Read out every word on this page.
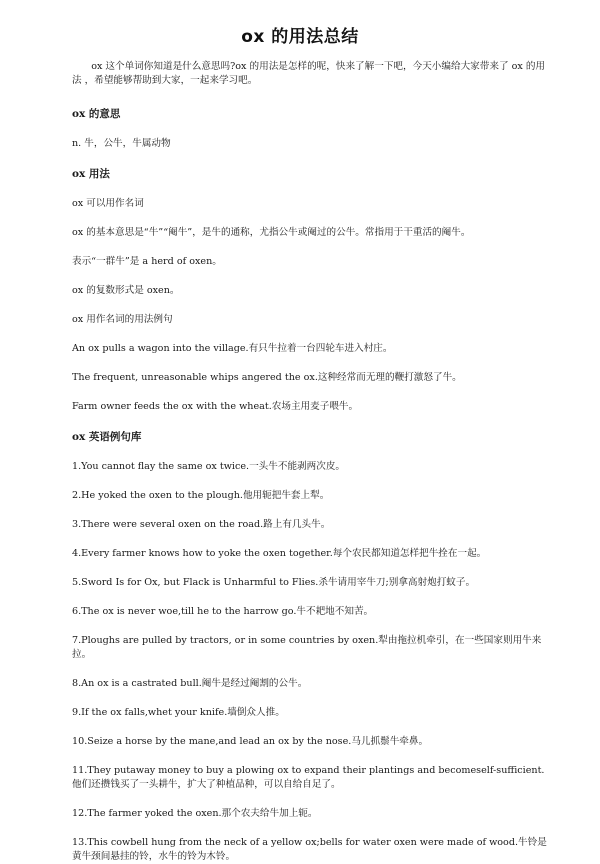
ox 的用法总结
ox 这个单词你知道是什么意思吗?ox 的用法是怎样的呢，快来了解一下吧，今天小编给大家带来了 ox 的用法 ，希望能够帮助到大家，一起来学习吧。
ox 的意思
n. 牛，公牛，牛属动物
ox 用法
ox 可以用作名词
ox 的基本意思是“牛”“阉牛”，是牛的通称，尤指公牛或阉过的公牛。常指用于干重活的阉牛。
表示“一群牛”是 a herd of oxen。
ox 的复数形式是 oxen。
ox 用作名词的用法例句
An ox pulls a wagon into the village.有只牛拉着一台四轮车进入村庄。
The frequent, unreasonable whips angered the ox.这种经常而无理的鞭打激怒了牛。
Farm owner feeds the ox with the wheat.农场主用麦子喂牛。
ox 英语例句库
1.You cannot flay the same ox twice.一头牛不能剥两次皮。
2.He yoked the oxen to the plough.他用轭把牛套上犁。
3.There were several oxen on the road.路上有几头牛。
4.Every farmer knows how to yoke the oxen together.每个农民都知道怎样把牛拴在一起。
5.Sword Is for Ox, but Flack is Unharmful to Flies.杀牛请用宰牛刀;别拿高射炮打蚊子。
6.The ox is never woe,till he to the harrow go.牛不耙地不知苦。
7.Ploughs are pulled by tractors, or in some countries by oxen.犁由拖拉机牵引，在一些国家则用牛来拉。
8.An ox is a castrated bull.阉牛是经过阉割的公牛。
9.If the ox falls,whet your knife.墙倒众人推。
10.Seize a horse by the mane,and lead an ox by the nose.马儿抓鬃牛牵鼻。
11.They putaway money to buy a plowing ox to expand their plantings and becomeself-sufficient.他们还攒钱买了一头耕牛，扩大了种植品种，可以自给自足了。
12.The farmer yoked the oxen.那个农夫给牛加上轭。
13.This cowbell hung from the neck of a yellow ox;bells for water oxen were made of wood.牛铃是黄牛颈间悬挂的铃，水牛的铃为木铃。
